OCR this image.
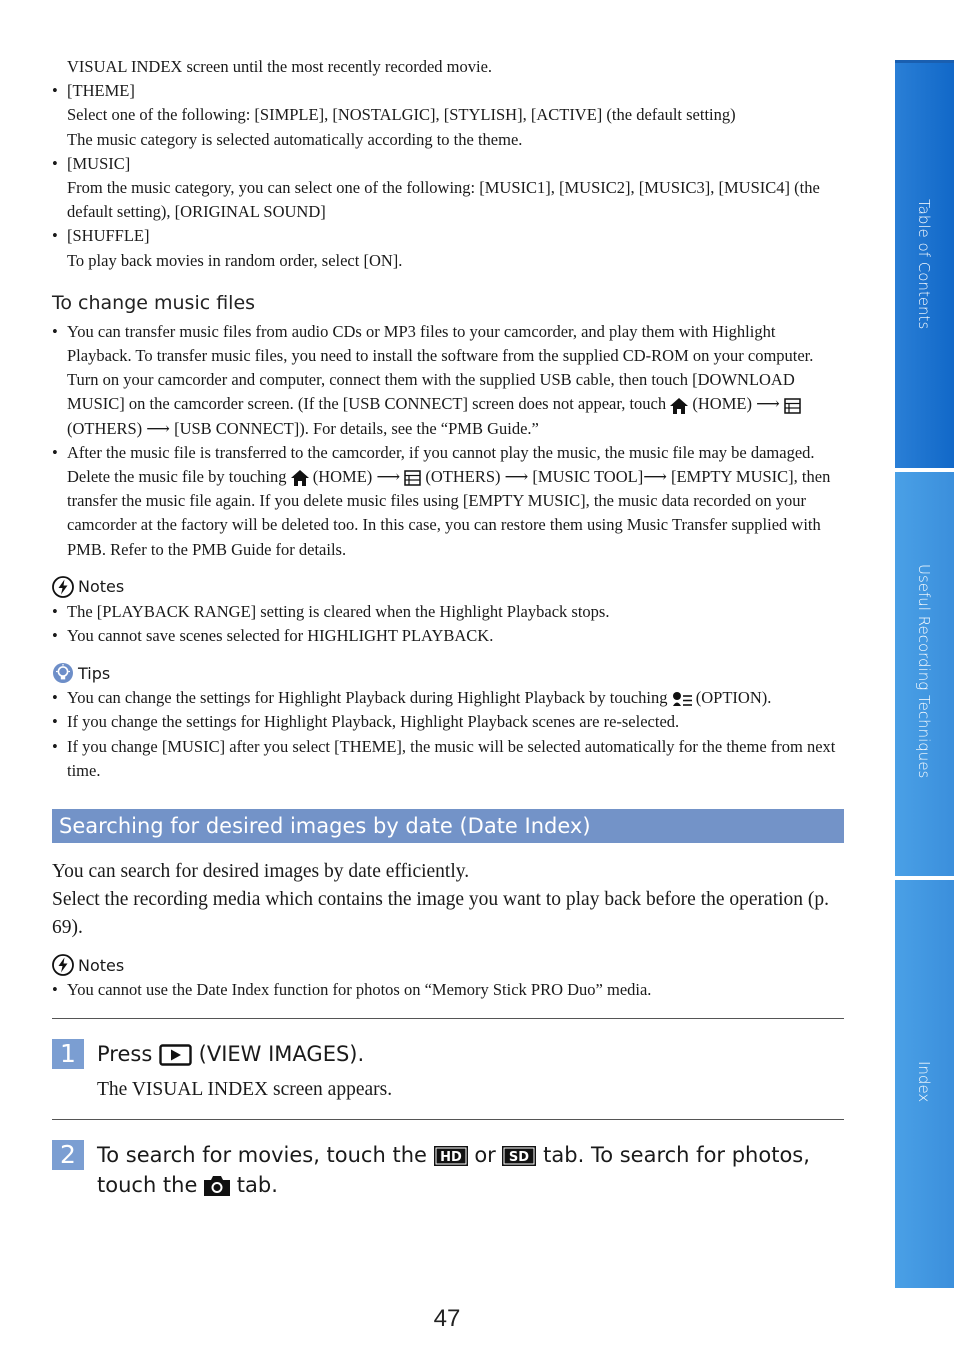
VISUAL INDEX screen until the most recently recorded movie.
• [THEME]
Select one of the following: [SIMPLE], [NOSTALGIC], [STYLISH], [ACTIVE] (the default setting)
The music category is selected automatically according to the theme.
• [MUSIC]
From the music category, you can select one of the following: [MUSIC1], [MUSIC2], [MUSIC3], [MUSIC4] (the default setting), [ORIGINAL SOUND]
• [SHUFFLE]
To play back movies in random order, select [ON].
To change music files
• You can transfer music files from audio CDs or MP3 files to your camcorder, and play them with Highlight Playback. To transfer music files, you need to install the software from the supplied CD-ROM on your computer. Turn on your camcorder and computer, connect them with the supplied USB cable, then touch [DOWNLOAD MUSIC] on the camcorder screen. (If the [USB CONNECT] screen does not appear, touch  (HOME) ⟶  (OTHERS) ⟶ [USB CONNECT]). For details, see the “PMB Guide.”
• After the music file is transferred to the camcorder, if you cannot play the music, the music file may be damaged. Delete the music file by touching  (HOME) ⟶ (OTHERS) ⟶ [MUSIC TOOL]⟶ [EMPTY MUSIC], then transfer the music file again. If you delete music files using [EMPTY MUSIC], the music data recorded on your camcorder at the factory will be deleted too. In this case, you can restore them using Music Transfer supplied with PMB. Refer to the PMB Guide for details.
Notes
• The [PLAYBACK RANGE] setting is cleared when the Highlight Playback stops.
• You cannot save scenes selected for HIGHLIGHT PLAYBACK.
Tips
• You can change the settings for Highlight Playback during Highlight Playback by touching  (OPTION).
• If you change the settings for Highlight Playback, Highlight Playback scenes are re-selected.
• If you change [MUSIC] after you select [THEME], the music will be selected automatically for the theme from next time.
Searching for desired images by date (Date Index)
You can search for desired images by date efficiently.
Select the recording media which contains the image you want to play back before the operation (p. 69).
Notes
• You cannot use the Date Index function for photos on “Memory Stick PRO Duo” media.
1	Press (VIEW IMAGES).
The VISUAL INDEX screen appears.
2	To search for movies, touch the HD or SD tab. To search for photos, touch the tab.
Table of Contents
Useful Recording Techniques
Index
47
